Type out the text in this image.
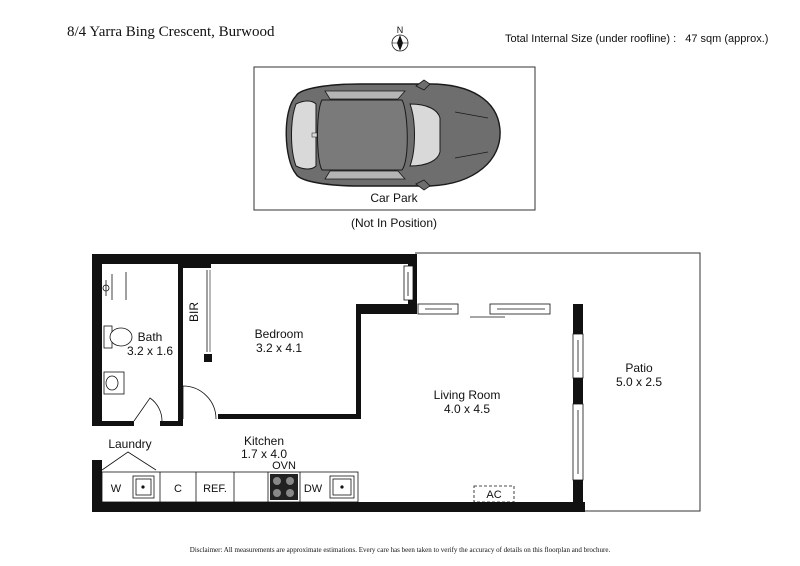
8/4 Yarra Bing Crescent, Burwood	Total Internal Size (under roofline) : 47 sqm (approx.)
N
Car Park
(Not In Position)
Bath
3.2 x 1.6
BIR
Bedroom
3.2 x 4.1
Living Room
4.0 x 4.5
Patio
5.0 x 2.5
Laundry	Kitchen
1.7 x 4.0
W	C REF.
OVN
DW	AC
Disclaimer: All measurements are approximate estimations. Every care has been taken to verify the accuracy of details on this floorplan and brochure.
